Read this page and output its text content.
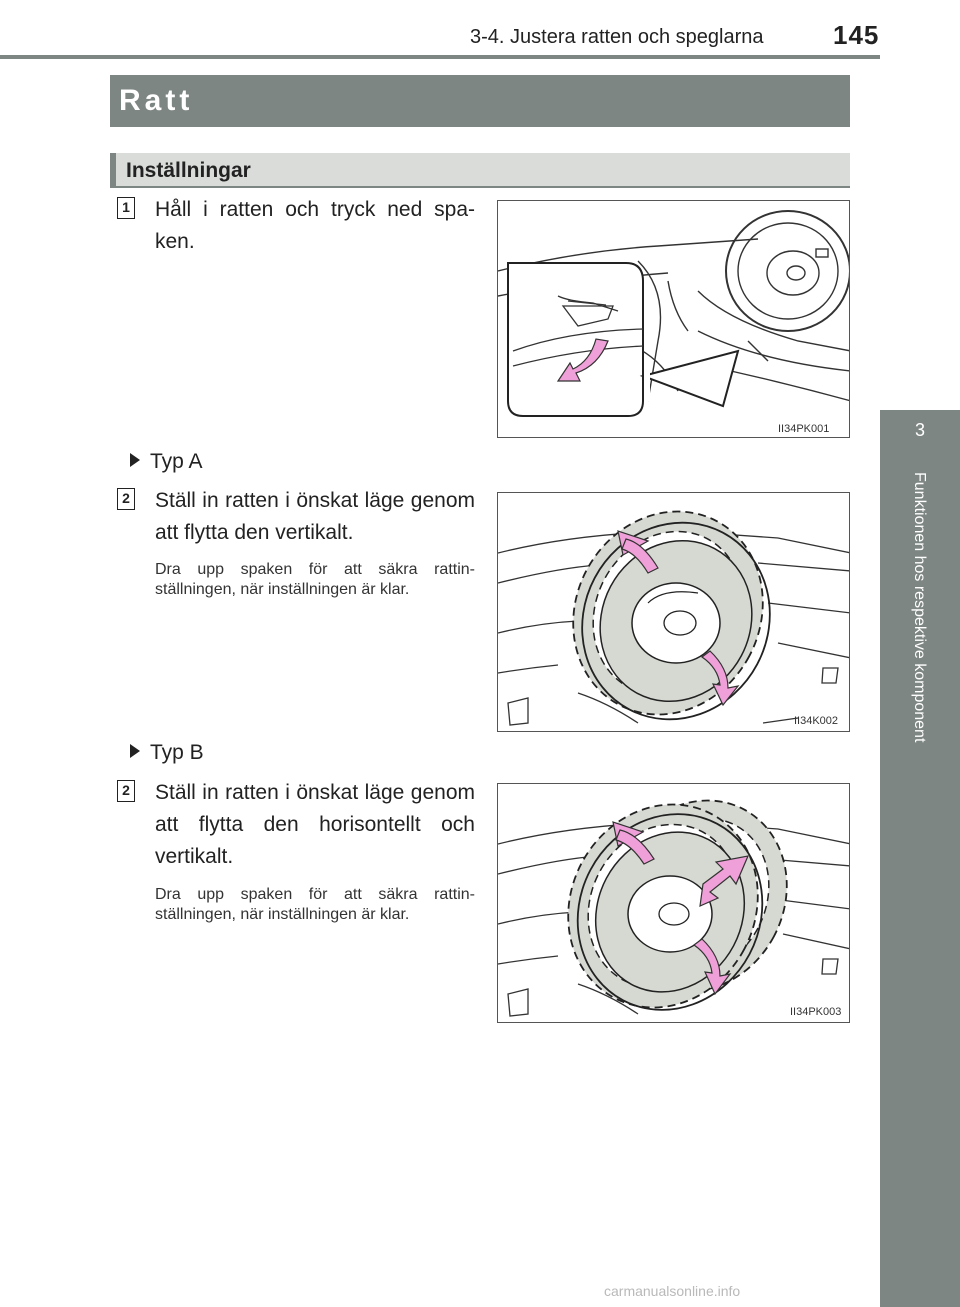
3-4. Justera ratten och speglarna	145
3
Funktionen hos respektive komponent
Ratt
Inställningar
1 Håll i ratten och tryck ned spa-ken.
II34PK001
Typ A
2 Ställ in ratten i önskat läge genom att flytta den vertikalt.
Dra upp spaken för att säkra rattin-ställningen, när inställningen är klar.
II34K002
Typ B
2 Ställ in ratten i önskat läge genom att flytta den horisontellt och vertikalt.
Dra upp spaken för att säkra rattin-ställningen, när inställningen är klar.
II34PK003
carmanualsonline.info
